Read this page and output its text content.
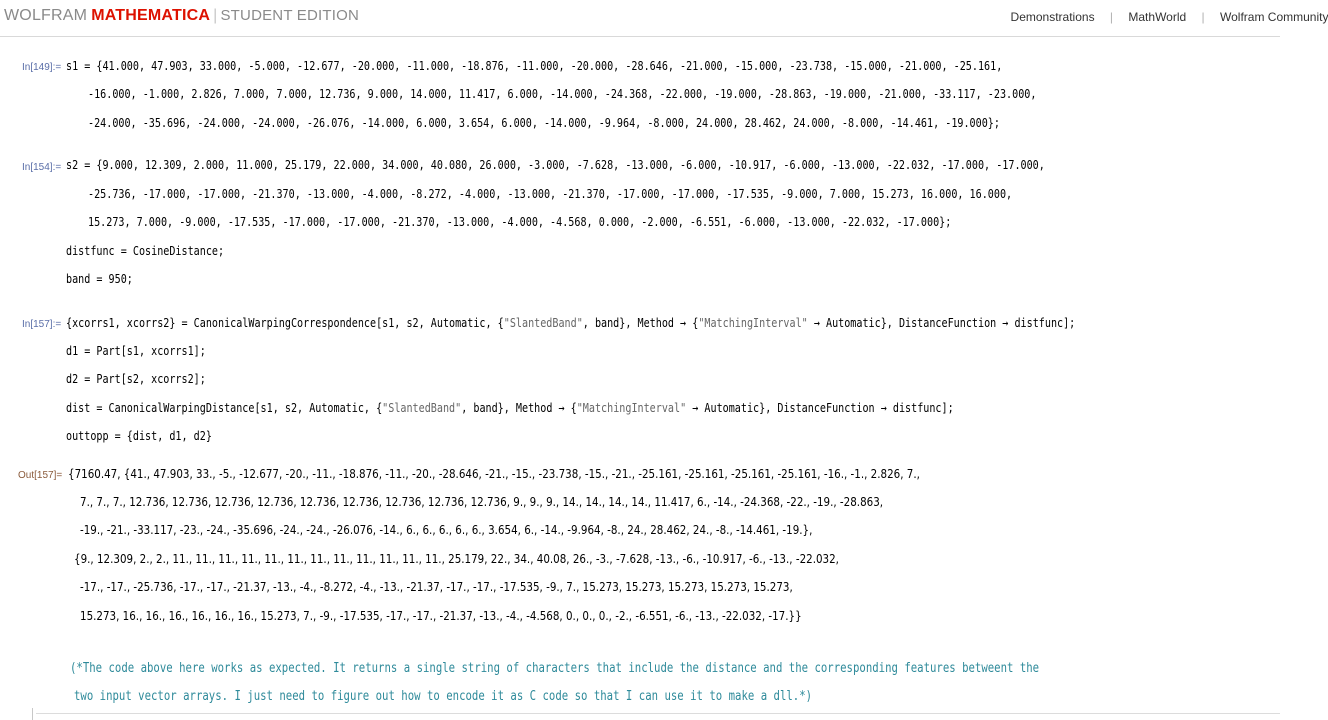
WOLFRAM MATHEMATICA | STUDENT EDITION	Demonstrations | MathWorld | Wolfram Community
In[149]:= s1 = {41.000, 47.903, 33.000, -5.000, -12.677, -20.000, -11.000, -18.876, -11.000, -20.000, -28.646, -21.000, -15.000, -23.738, -15.000, -21.000, -25.161,
-16.000, -1.000, 2.826, 7.000, 7.000, 12.736, 9.000, 14.000, 11.417, 6.000, -14.000, -24.368, -22.000, -19.000, -28.863, -19.000, -21.000, -33.117, -23.000,
-24.000, -35.696, -24.000, -24.000, -26.076, -14.000, 6.000, 3.654, 6.000, -14.000, -9.964, -8.000, 24.000, 28.462, 24.000, -8.000, -14.461, -19.000};
In[154]:= s2 = {9.000, 12.309, 2.000, 11.000, 25.179, 22.000, 34.000, 40.080, 26.000, -3.000, -7.628, -13.000, -6.000, -10.917, -6.000, -13.000, -22.032, -17.000, -17.000,
-25.736, -17.000, -17.000, -21.370, -13.000, -4.000, -8.272, -4.000, -13.000, -21.370, -17.000, -17.000, -17.535, -9.000, 7.000, 15.273, 16.000, 16.000,
15.273, 7.000, -9.000, -17.535, -17.000, -17.000, -21.370, -13.000, -4.000, -4.568, 0.000, -2.000, -6.551, -6.000, -13.000, -22.032, -17.000};
distfunc = CosineDistance;
band = 950;
In[157]:= {xcorrs1, xcorrs2} = CanonicalWarpingCorrespondence[s1, s2, Automatic, {"SlantedBand", band}, Method → {"MatchingInterval" → Automatic}, DistanceFunction → distfunc];
d1 = Part[s1, xcorrs1];
d2 = Part[s2, xcorrs2];
dist = CanonicalWarpingDistance[s1, s2, Automatic, {"SlantedBand", band}, Method → {"MatchingInterval" → Automatic}, DistanceFunction → distfunc];
outtopp = {dist, d1, d2}
Out[157]= {7160.47, {41., 47.903, 33., -5., -12.677, -20., -11., -18.876, -11., -20., -28.646, -21., -15., -23.738, -15., -21., -25.161, -25.161, -25.161, -25.161, -16., -1., 2.826, 7.,
7., 7., 7., 12.736, 12.736, 12.736, 12.736, 12.736, 12.736, 12.736, 12.736, 12.736, 9., 9., 9., 14., 14., 14., 14., 11.417, 6., -14., -24.368, -22., -19., -28.863,
-19., -21., -33.117, -23., -24., -35.696, -24., -24., -26.076, -14., 6., 6., 6., 6., 6., 3.654, 6., -14., -9.964, -8., 24., 28.462, 24., -8., -14.461, -19.},
{9., 12.309, 2., 2., 11., 11., 11., 11., 11., 11., 11., 11., 11., 11., 11., 11., 25.179, 22., 34., 40.08, 26., -3., -7.628, -13., -6., -10.917, -6., -13., -22.032,
-17., -17., -25.736, -17., -17., -21.37, -13., -4., -8.272, -4., -13., -21.37, -17., -17., -17.535, -9., 7., 15.273, 15.273, 15.273, 15.273, 15.273,
15.273, 16., 16., 16., 16., 16., 16., 15.273, 7., -9., -17.535, -17., -17., -21.37, -13., -4., -4.568, 0., 0., 0., -2., -6.551, -6., -13., -22.032, -17.}}
(*The code above here works as expected. It returns a single string of characters that include the distance and the corresponding features betweent the
two input vector arrays. I just need to figure out how to encode it as C code so that I can use it to make a dll.*)
